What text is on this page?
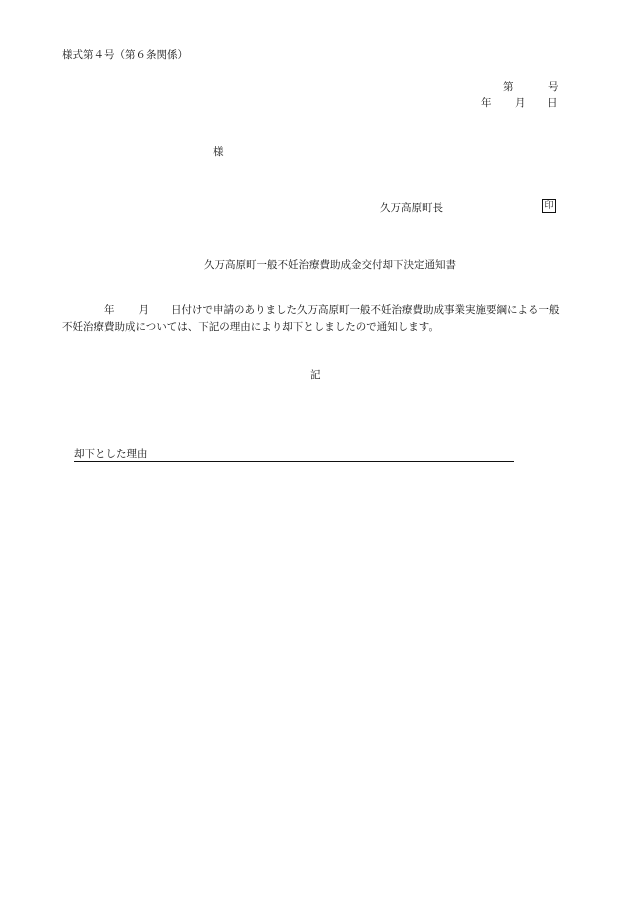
様式第４号（第６条関係）
第	号
年 月 日
様
久万高原町長	印
久万高原町一般不妊治療費助成金交付却下決定通知書

年 月 日付けで申請のありました久万高原町一般不妊治療費助成事業実施要綱による一般

不妊治療費助成については、下記の理由により却下としましたので通知します。

記
却下とした理由
